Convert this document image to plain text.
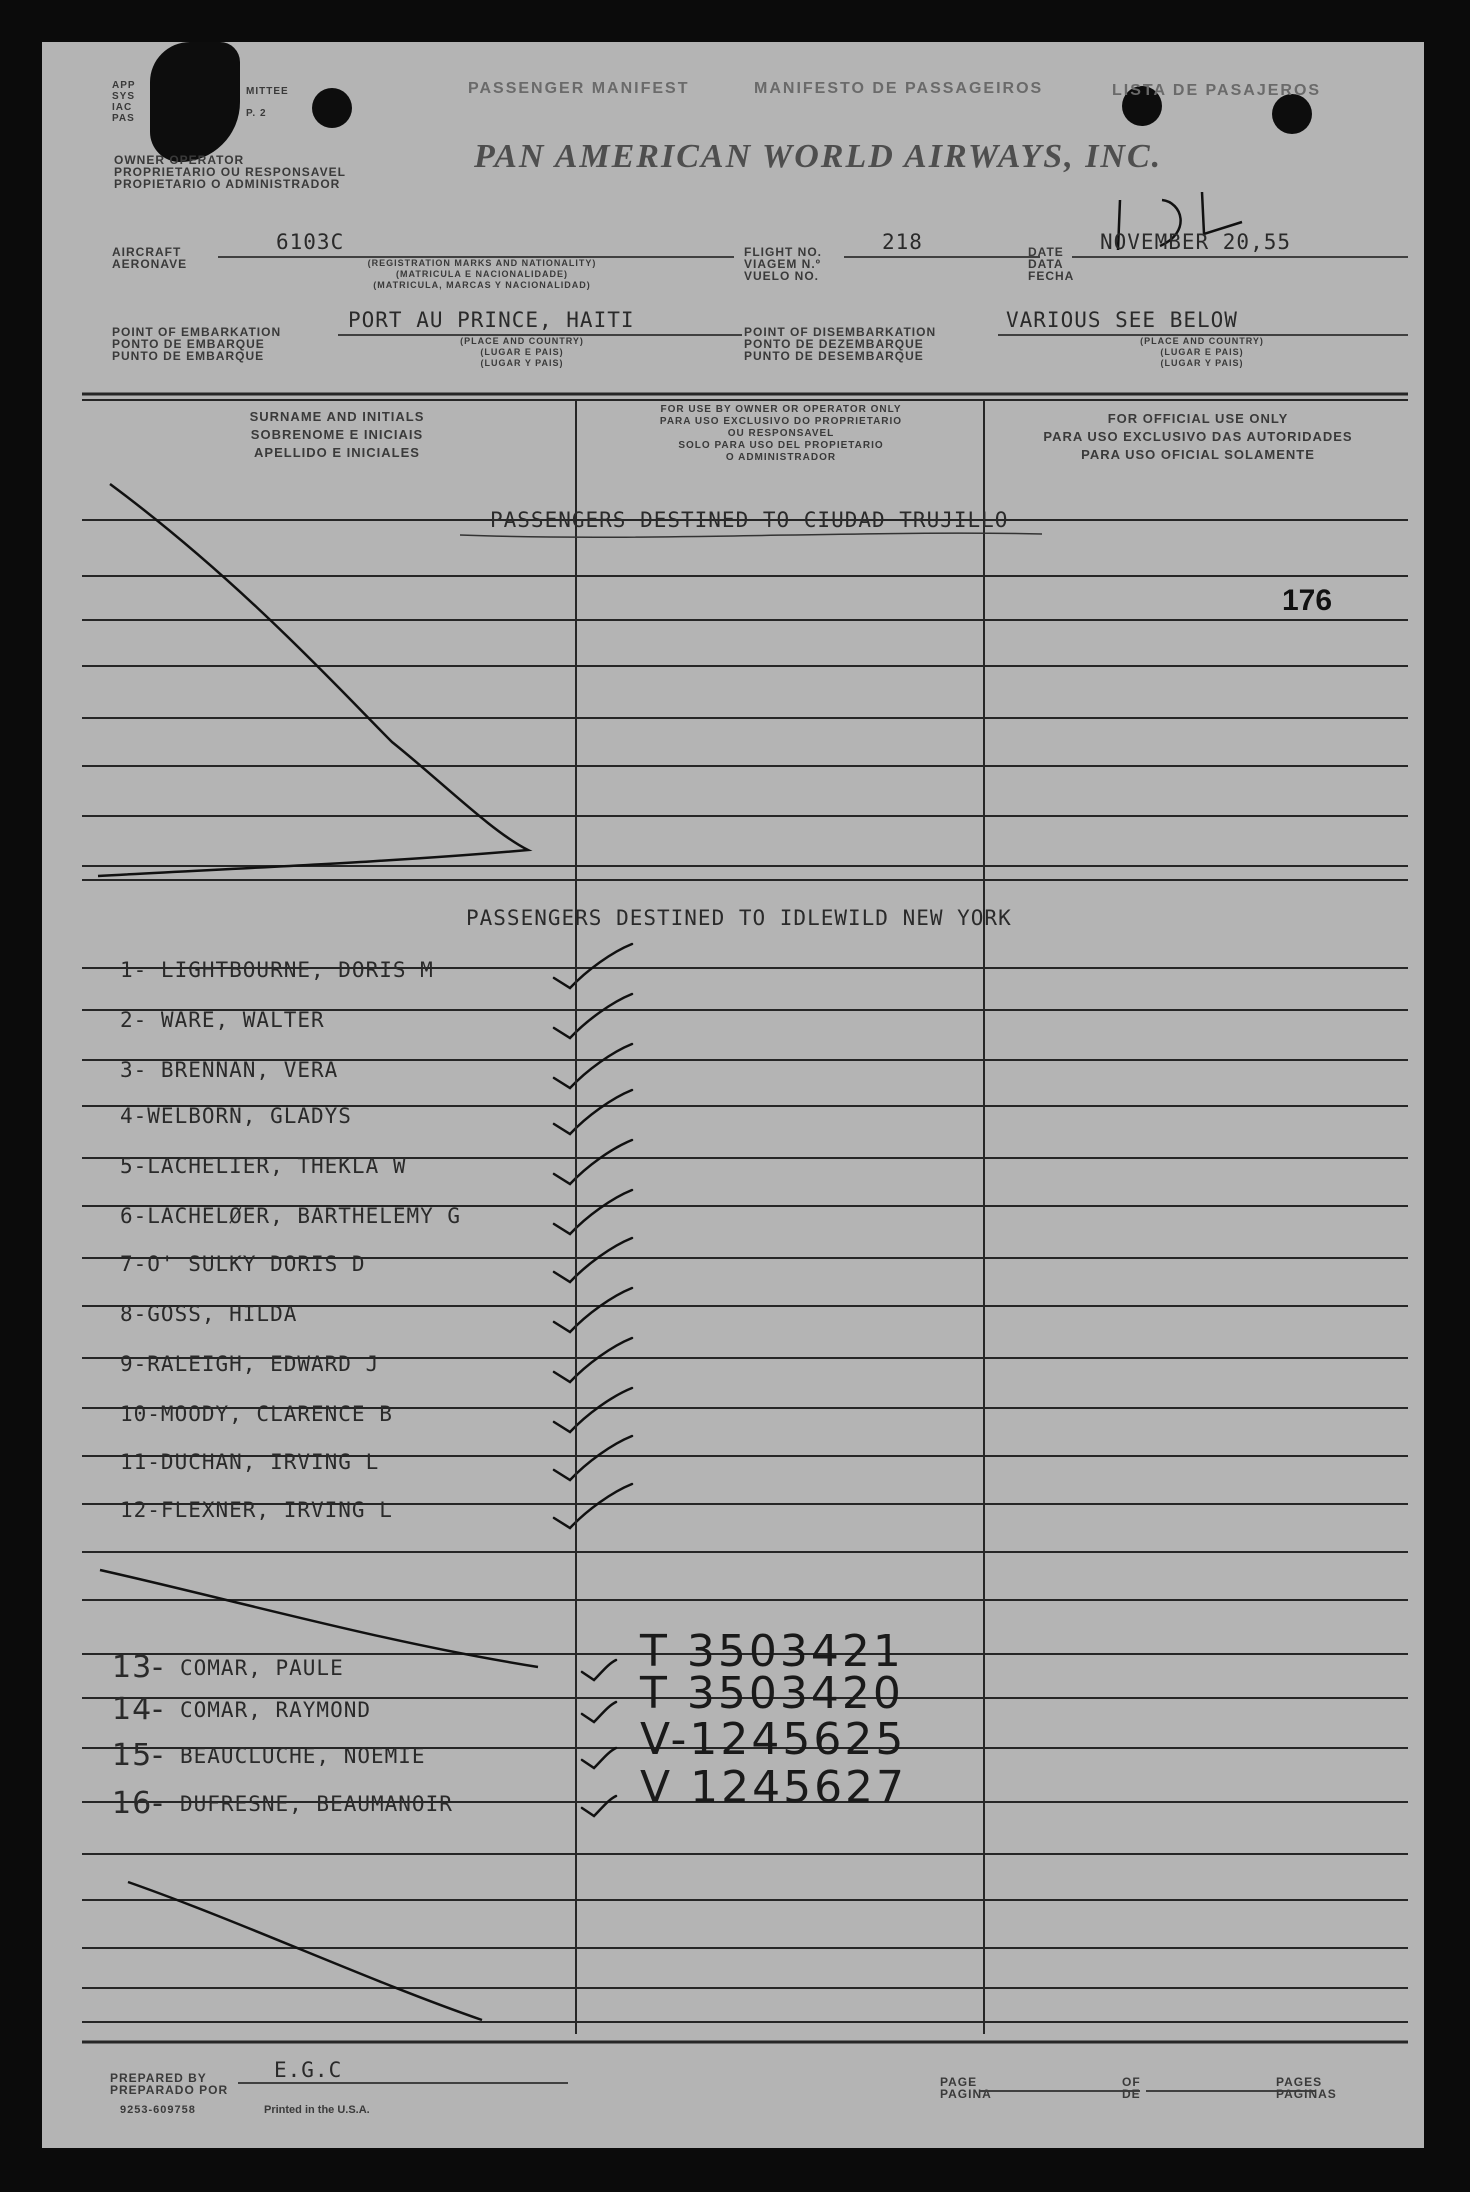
PASSENGER MANIFEST	MANIFESTO DE PASSAGEIROS	LISTA DE PASAJEROS
APP
SYS
IAC
PAS
MITTEE
P. 2
OWNER OPERATOR
PROPRIETARIO OU RESPONSAVEL
PROPIETARIO O ADMINISTRADOR
PAN AMERICAN WORLD AIRWAYS, INC.
AIRCRAFT
AERONAVE
6103C
(REGISTRATION MARKS AND NATIONALITY)
(MATRICULA E NACIONALIDADE)
(MATRICULA, MARCAS Y NACIONALIDAD)
FLIGHT NO.
VIAGEM N.º
VUELO NO.
218	DATE
DATA
FECHA
NOVEMBER 20,55
POINT OF EMBARKATION
PONTO DE EMBARQUE
PUNTO DE EMBARQUE
PORT AU PRINCE, HAITI
(PLACE AND COUNTRY)
(LUGAR E PAIS)
(LUGAR Y PAIS)
POINT OF DISEMBARKATION
PONTO DE DEZEMBARQUE
PUNTO DE DESEMBARQUE
VARIOUS SEE BELOW
(PLACE AND COUNTRY)
(LUGAR E PAIS)
(LUGAR Y PAIS)
SURNAME AND INITIALS
SOBRENOME E INICIAIS
APELLIDO E INICIALES
FOR USE BY OWNER OR OPERATOR ONLY
PARA USO EXCLUSIVO DO PROPRIETARIO
OU RESPONSAVEL
SOLO PARA USO DEL PROPIETARIO
O ADMINISTRADOR
FOR OFFICIAL USE ONLY
PARA USO EXCLUSIVO DAS AUTORIDADES
PARA USO OFICIAL SOLAMENTE
PASSENGERS DESTINED TO CIUDAD TRUJILLO
176
PASSENGERS DESTINED TO IDLEWILD NEW YORK
1- LIGHTBOURNE, DORIS M
2- WARE, WALTER
3- BRENNAN, VERA
4-WELBORN, GLADYS
5-LACHELIER, THEKLA W
6-LACHELØER, BARTHELEMY G
7-O' SULKY DORIS D
8-GOSS, HILDA
9-RALEIGH, EDWARD J
10-MOODY, CLARENCE B
11-DUCHAN, IRVING L
12-FLEXNER, IRVING L
13- COMAR, PAULE	T 3503421
14- COMAR, RAYMOND	T 3503420
15- BEAUCLUCHE, NOEMIE	V-1245625
16- DUFRESNE, BEAUMANOIR	V 1245627
PREPARED BY
PREPARADO POR
E.G.C
9253-609758	Printed in the U.S.A.
PAGE
PAGINA
OF
DE
PAGES
PAGINAS
